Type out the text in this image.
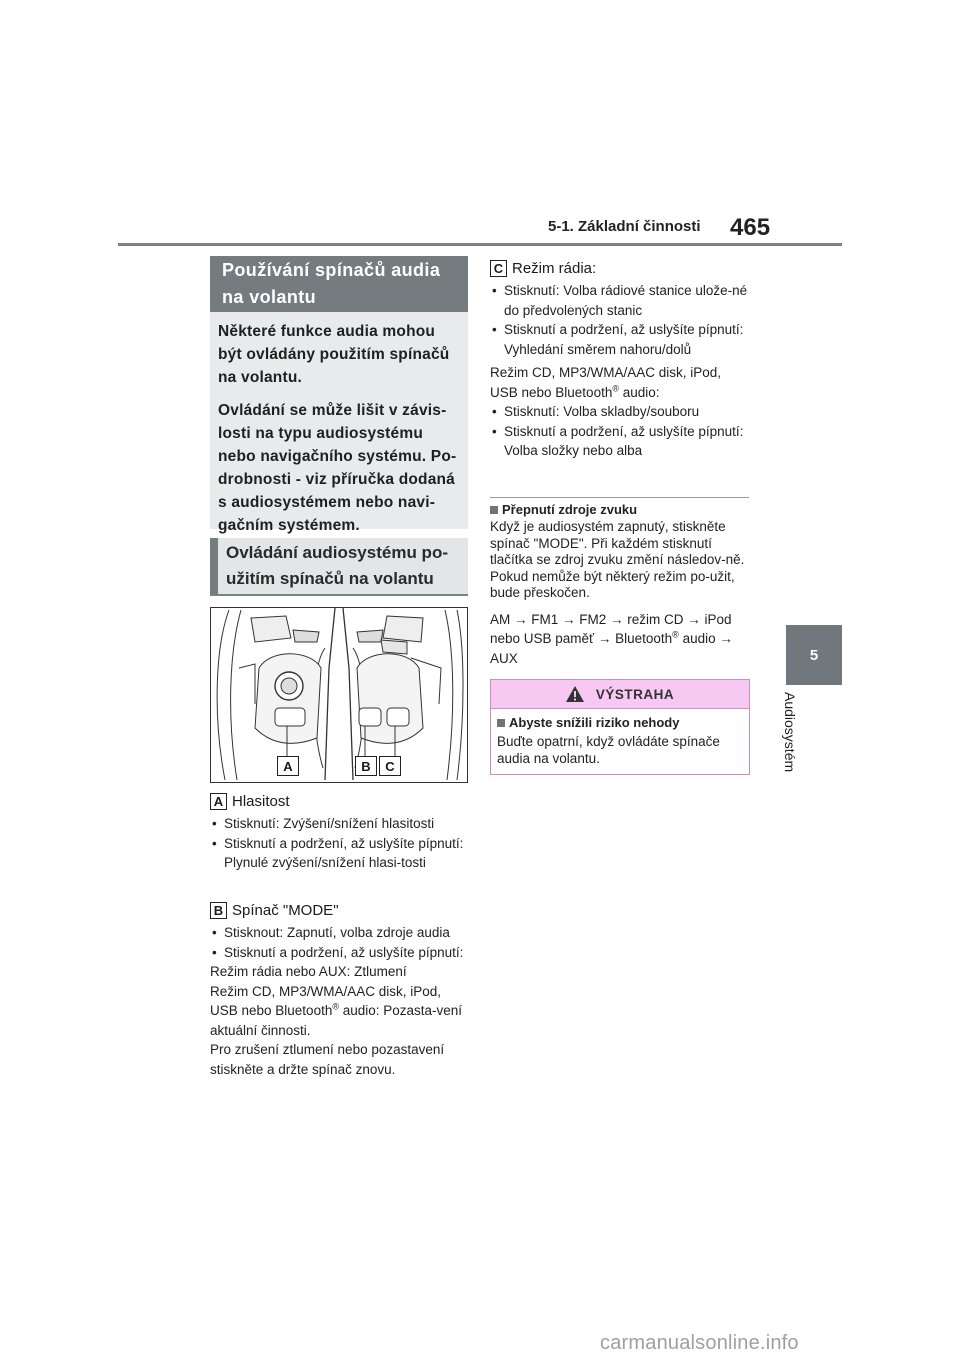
5-1. Základní činnosti 465
5
Audiosystém
Používání spínačů audia na volantu

Některé funkce audia mohou být ovládány použitím spínačů na volantu.

Ovládání se může lišit v závis-losti na typu audiosystému nebo navigačního systému. Po-drobnosti - viz příručka dodaná s audiosystémem nebo navi-gačním systémem.

Ovládání audiosystému po-užitím spínačů na volantu
A	B	C
A Hlasitost
• Stisknutí: Zvýšení/snížení hlasitosti
• Stisknutí a podržení, až uslyšíte pípnutí: Plynulé zvýšení/snížení hlasi-tosti
B Spínač "MODE"
• Stisknout: Zapnutí, volba zdroje audia
• Stisknutí a podržení, až uslyšíte pípnutí:

Režim rádia nebo AUX: Ztlumení

Režim CD, MP3/WMA/AAC disk, iPod, USB nebo Bluetooth® audio: Pozasta-vení aktuální činnosti.

Pro zrušení ztlumení nebo pozastavení stiskněte a držte spínač znovu.

C Režim rádia:
• Stisknutí: Volba rádiové stanice ulože-né do předvolených stanic
• Stisknutí a podržení, až uslyšíte pípnutí: Vyhledání směrem nahoru/dolů

Režim CD, MP3/WMA/AAC disk, iPod, USB nebo Bluetooth® audio:

• Stisknutí: Volba skladby/souboru
• Stisknutí a podržení, až uslyšíte pípnutí: Volba složky nebo alba
Přepnutí zdroje zvuku

Když je audiosystém zapnutý, stiskněte spínač "MODE". Při každém stisknutí tlačítka se zdroj zvuku změní následov-ně. Pokud nemůže být některý režim po-užit, bude přeskočen.

AM → FM1 → FM2 → režim CD → iPod nebo USB paměť → Bluetooth® audio → AUX

VÝSTRAHA
Abyste snížili riziko nehody

Buďte opatrní, když ovládáte spínače audia na volantu.

carmanualsonline.info
